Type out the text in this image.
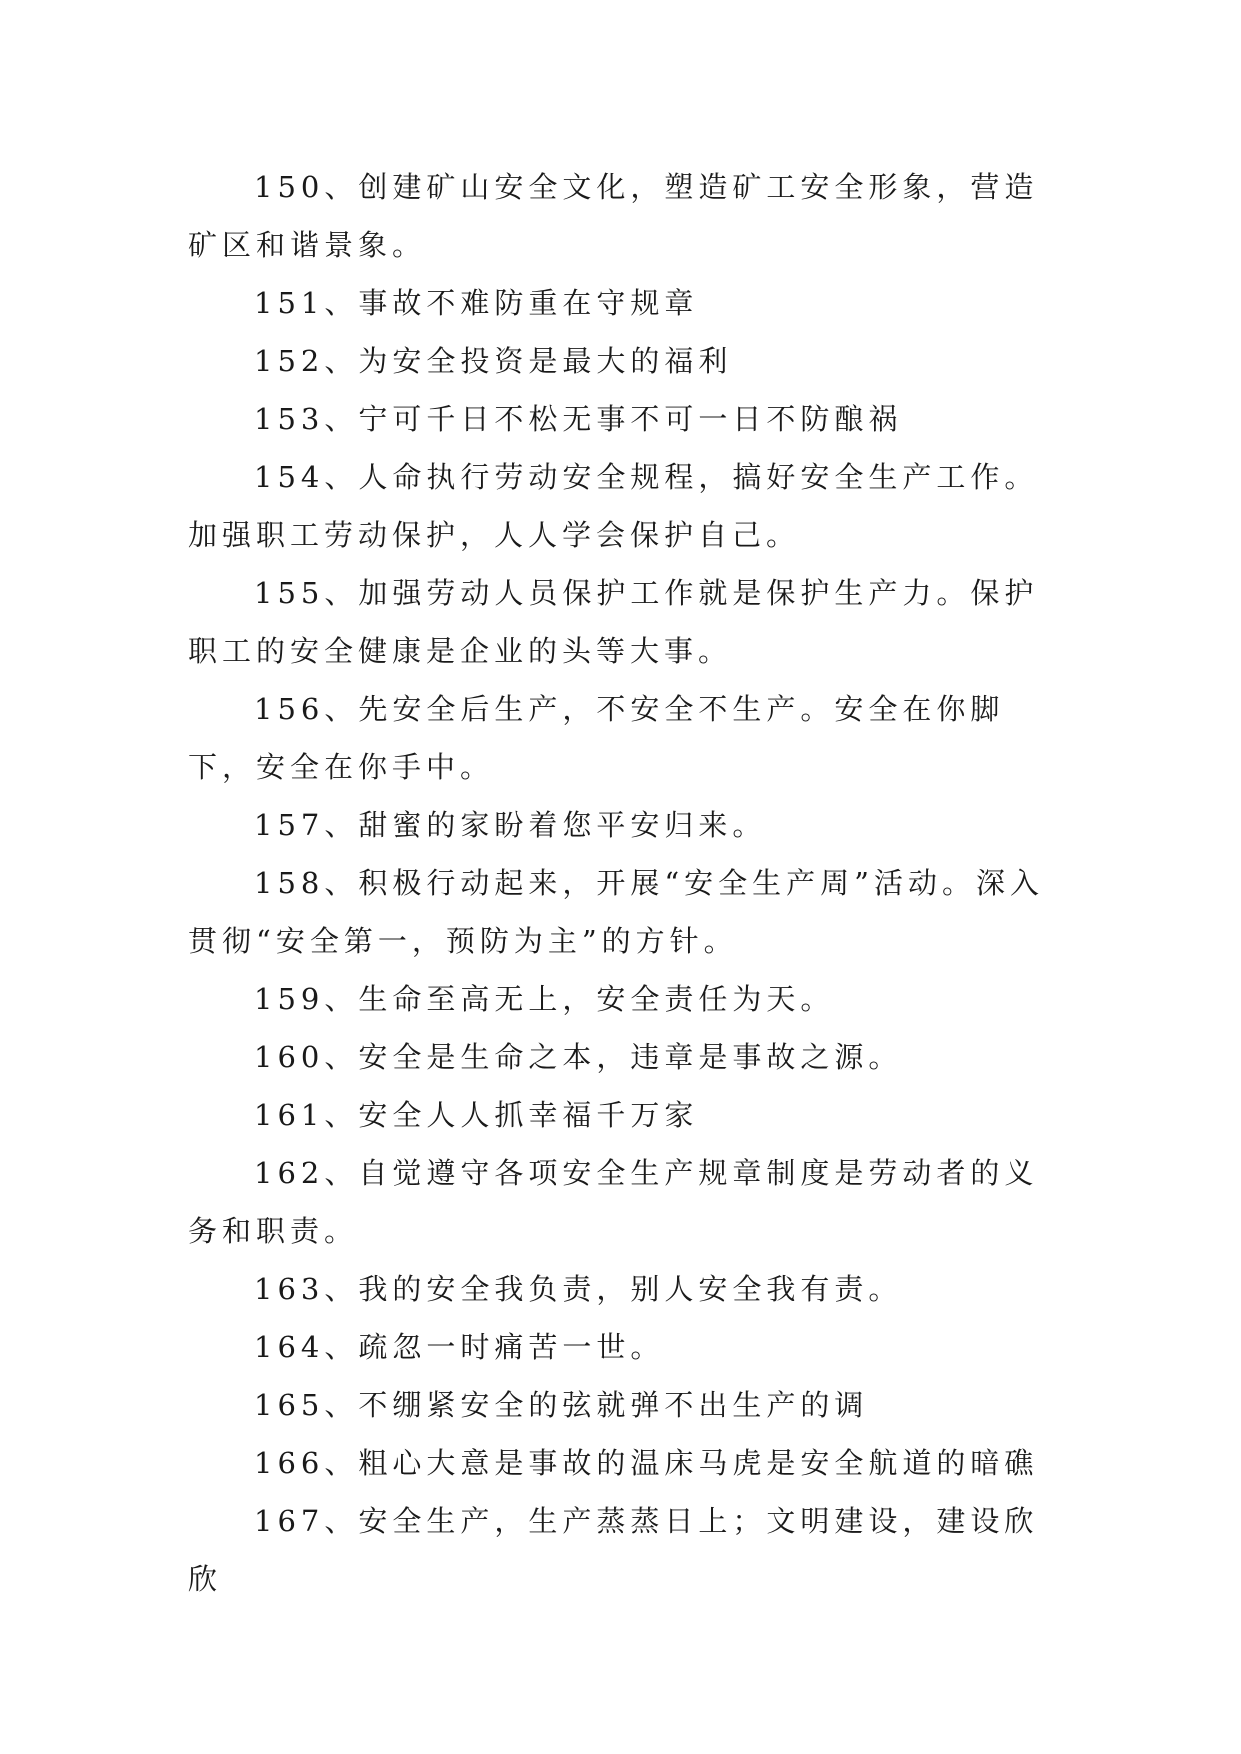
150、创建矿山安全文化，塑造矿工安全形象，营造矿区和谐景象。

151、事故不难防重在守规章

152、为安全投资是最大的福利

153、宁可千日不松无事不可一日不防酿祸

154、人命执行劳动安全规程，搞好安全生产工作。加强职工劳动保护，人人学会保护自己。

155、加强劳动人员保护工作就是保护生产力。保护职工的安全健康是企业的头等大事。

156、先安全后生产，不安全不生产。安全在你脚下，安全在你手中。

157、甜蜜的家盼着您平安归来。

158、积极行动起来，开展“安全生产周”活动。深入贯彻“安全第一，预防为主”的方针。

159、生命至高无上，安全责任为天。

160、安全是生命之本，违章是事故之源。

161、安全人人抓幸福千万家

162、自觉遵守各项安全生产规章制度是劳动者的义务和职责。

163、我的安全我负责，别人安全我有责。

164、疏忽一时痛苦一世。

165、不绷紧安全的弦就弹不出生产的调

166、粗心大意是事故的温床马虎是安全航道的暗礁

167、安全生产，生产蒸蒸日上；文明建设，建设欣欣
